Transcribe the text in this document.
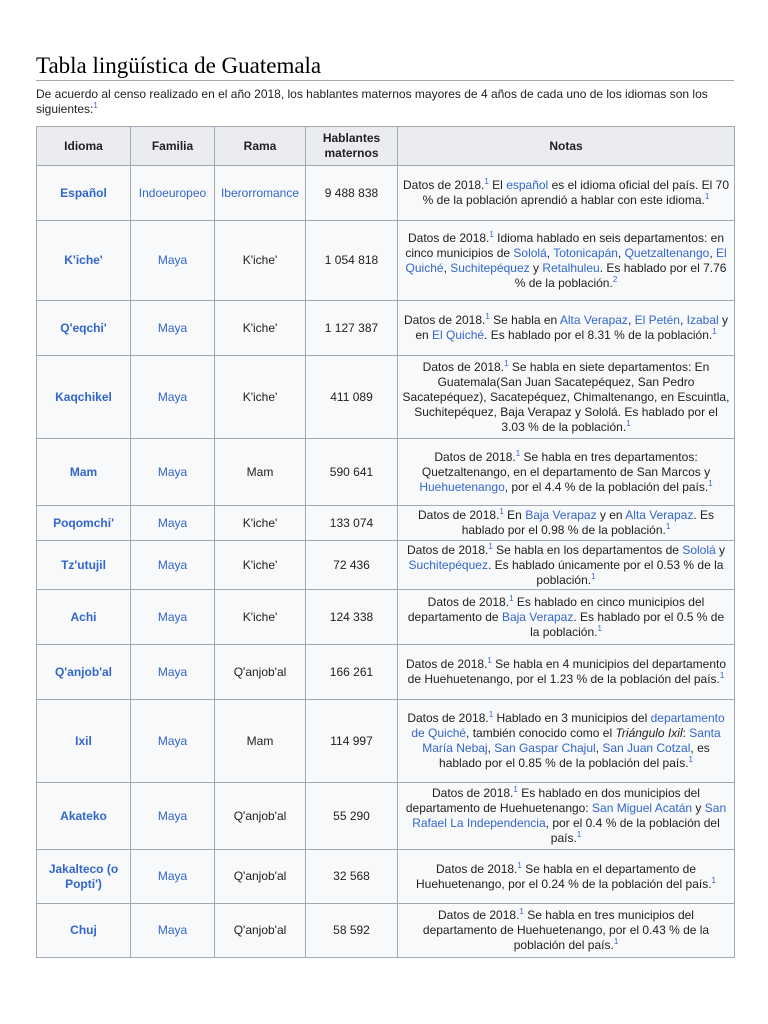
Tabla lingüística de Guatemala

De acuerdo al censo realizado en el año 2018, los hablantes maternos mayores de 4 años de cada uno de los idiomas son los siguientes:$^1$

Idioma	Familia	Rama	Hablantes maternos	Notas
Español	Indoeuropeo	Iberorromance	9 488 838	Datos de 2018.$^1$ El español es el idioma oficial del país. El 70 % de la población aprendió a hablar con este idioma.$^1$
K'iche'	Maya	K'iche'	1 054 818	Datos de 2018.$^1$ Idioma hablado en seis departamentos: en cinco municipios de Sololá, Totonicapán, Quetzaltenango, El Quiché, Suchitepéquez y Retalhuleu. Es hablado por el 7.76 % de la población.$^2$
Q'eqchi'	Maya	K'iche'	1 127 387	Datos de 2018.$^1$ Se habla en Alta Verapaz, El Petén, Izabal y en El Quiché. Es hablado por el 8.31 % de la población.$^1$
Kaqchikel	Maya	K'iche'	411 089	Datos de 2018.$^1$ Se habla en siete departamentos: En Guatemala(San Juan Sacatepéquez, San Pedro Sacatepéquez), Sacatepéquez, Chimaltenango, en Escuintla, Suchitepéquez, Baja Verapaz y Sololá. Es hablado por el 3.03 % de la población.$^1$
Mam	Maya	Mam	590 641	Datos de 2018.$^1$ Se habla en tres departamentos: Quetzaltenango, en el departamento de San Marcos y Huehuetenango, por el 4.4 % de la población del país.$^1$
Poqomchi'	Maya	K'iche'	133 074	Datos de 2018.$^1$ En Baja Verapaz y en Alta Verapaz. Es hablado por el 0.98 % de la población.$^1$
Tz'utujil	Maya	K'iche'	72 436	Datos de 2018.$^1$ Se habla en los departamentos de Sololá y Suchitepéquez. Es hablado únicamente por el 0.53 % de la población.$^1$
Achi	Maya	K'iche'	124 338	Datos de 2018.$^1$ Es hablado en cinco municipios del departamento de Baja Verapaz. Es hablado por el 0.5 % de la población.$^1$
Q'anjob'al	Maya	Q'anjob'al	166 261	Datos de 2018.$^1$ Se habla en 4 municipios del departamento de Huehuetenango, por el 1.23 % de la población del país.$^1$
Ixil	Maya	Mam	114 997	Datos de 2018.$^1$ Hablado en 3 municipios del departamento de Quiché, también conocido como el Triángulo Ixil: Santa María Nebaj, San Gaspar Chajul, San Juan Cotzal, es hablado por el 0.85 % de la población del país.$^1$
Akateko	Maya	Q'anjob'al	55 290	Datos de 2018.$^1$ Es hablado en dos municipios del departamento de Huehuetenango: San Miguel Acatán y San Rafael La Independencia, por el 0.4 % de la población del país.$^1$
Jakalteco (o Popti')	Maya	Q'anjob'al	32 568	Datos de 2018.$^1$ Se habla en el departamento de Huehuetenango, por el 0.24 % de la población del país.$^1$
Chuj	Maya	Q'anjob'al	58 592	Datos de 2018.$^1$ Se habla en tres municipios del departamento de Huehuetenango, por el 0.43 % de la población del país.$^1$
